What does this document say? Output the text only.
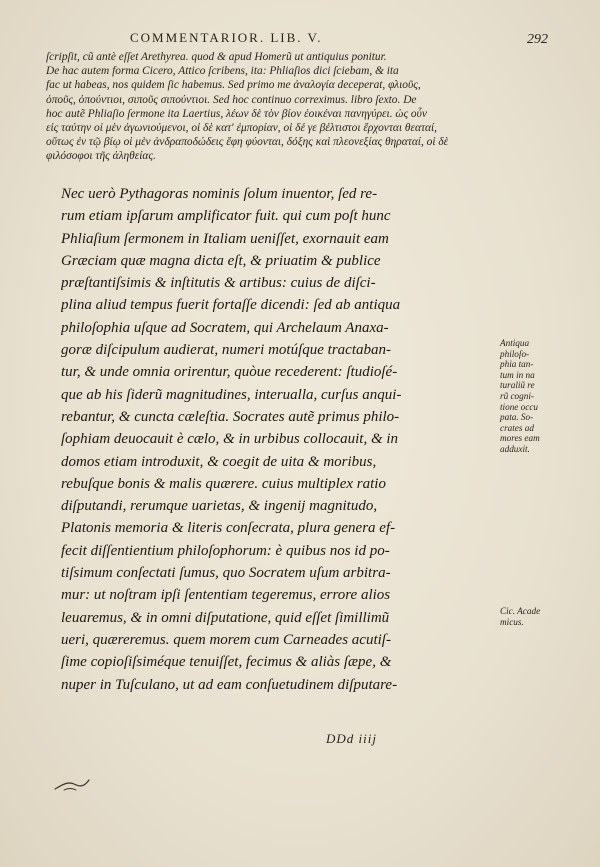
COMMENTARIOR. LIB. V.	292
ſcripſit, cũ antè eſſet Arethyrea. quod & apud Homerũ ut antiquius ponitur.
De hac autem forma Cicero, Attico ſcribens, ita: Phliaſios dici ſciebam, & ita
fac ut habeas, nos quidem ſic habemus. Sed primo me ἀναλογία deceperat, φλιοῦς,
ὀποῦς, ὀπούντιοι, σιποῦς σιπούντιοι. Sed hoc continuo correximus. libro ſexto. De
hoc autẽ Phliaſio ſermone ita Laertius, λέων δὲ τὸν βίον ἐοικέναι πανηγύρει. ὡς οὖν
εἰς ταύτην οἱ μὲν ἀγωνιούμενοι, οἱ δὲ κατ' ἐμπορίαν, οἱ δέ γε βέλτιστοι ἔρχονται θεαταί,
οὕτως ἐν τῷ βίῳ οἱ μὲν ἀνδραποδώδεις ἔφη φύονται, δόξης καὶ πλεονεξίας θηραταί, οἱ δὲ
φιλόσοφοι τῆς ἀληθείας.
Nec uerò Pythagoras nominis ſolum inuentor, ſed re-
rum etiam ipſarum amplificator fuit. qui cum poſt hunc
Phliaſium ſermonem in Italiam ueniſſet, exornauit eam
Græciam quæ magna dicta eſt, & priuatim & publice
præſtantiſsimis & inſtitutis & artibus: cuius de diſci-
plina aliud tempus fuerit fortaſſe dicendi: ſed ab antiqua
philoſophia uſque ad Socratem, qui Archelaum Anaxa-
goræ diſcipulum audierat, numeri motúſque tractaban-
tur, & unde omnia orirentur, quòue recederent: ſtudioſé-
que ab his ſiderũ magnitudines, interualla, curſus anqui-
rebantur, & cuncta cæleſtia. Socrates autẽ primus philo-
ſophiam deuocauit è cælo, & in urbibus collocauit, & in
domos etiam introduxit, & coegit de uita & moribus,
rebuſque bonis & malis quærere. cuius multiplex ratio
diſputandi, rerumque uarietas, & ingenij magnitudo,
Platonis memoria & literis conſecrata, plura genera ef-
fecit diſſentientium philoſophorum: è quibus nos id po-
tiſsimum conſectati ſumus, quo Socratem uſum arbitra-
mur: ut noſtram ipſi ſententiam tegeremus, errore alios
leuaremus, & in omni diſputatione, quid eſſet ſimillimũ
ueri, quæreremus. quem morem cum Carneades acutiſ-
ſime copioſiſsiméque tenuiſſet, fecimus & aliàs ſæpe, &
nuper in Tuſculano, ut ad eam conſuetudinem diſputare-
Antiqua
philoſo-
phia tan-
tum in na
turaliũ re
rũ cogni-
tione occu
pata. So-
crates ad
mores eam
adduxit.
Cic. Acade
micus.
DDd iiij
